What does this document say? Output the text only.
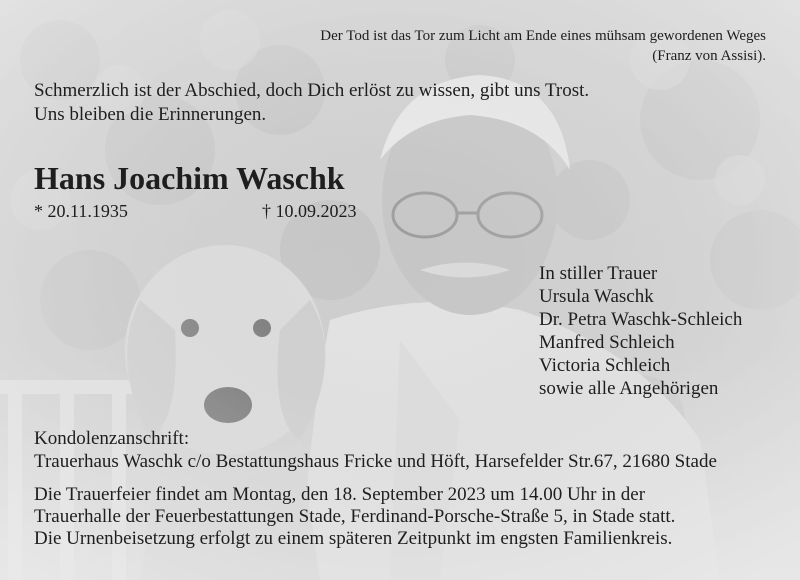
Der Tod ist das Tor zum Licht am Ende eines mühsam gewordenen Weges
(Franz von Assisi).
Schmerzlich ist der Abschied, doch Dich erlöst zu wissen, gibt uns Trost.
Uns bleiben die Erinnerungen.
Hans Joachim Waschk
* 20.11.1935	† 10.09.2023
In stiller Trauer
Ursula Waschk
Dr. Petra Waschk-Schleich
Manfred Schleich
Victoria Schleich
sowie alle Angehörigen
Kondolenzanschrift:
Trauerhaus Waschk c/o Bestattungshaus Fricke und Höft, Harsefelder Str.67, 21680 Stade
Die Trauerfeier findet am Montag, den 18. September 2023 um 14.00 Uhr in der
Trauerhalle der Feuerbestattungen Stade, Ferdinand-Porsche-Straße 5, in Stade statt.
Die Urnenbeisetzung erfolgt zu einem späteren Zeitpunkt im engsten Familienkreis.
